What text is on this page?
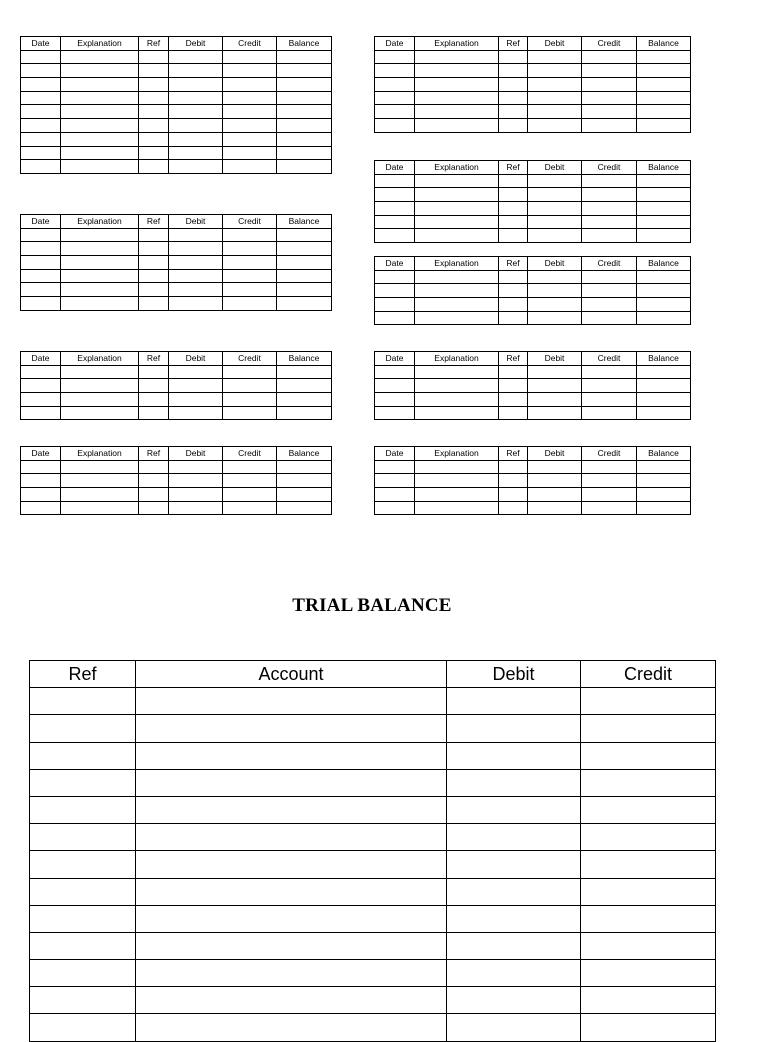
Date	Explanation	Ref	Debit	Credit	Balance

Date	Explanation	Ref	Debit	Credit	Balance

Date	Explanation	Ref	Debit	Credit	Balance

Date	Explanation	Ref	Debit	Credit	Balance

Date	Explanation	Ref	Debit	Credit	Balance

Date	Explanation	Ref	Debit	Credit	Balance

Date	Explanation	Ref	Debit	Credit	Balance

Date	Explanation	Ref	Debit	Credit	Balance

Date	Explanation	Ref	Debit	Credit	Balance

TRIAL BALANCE
Ref	Account	Debit	Credit
